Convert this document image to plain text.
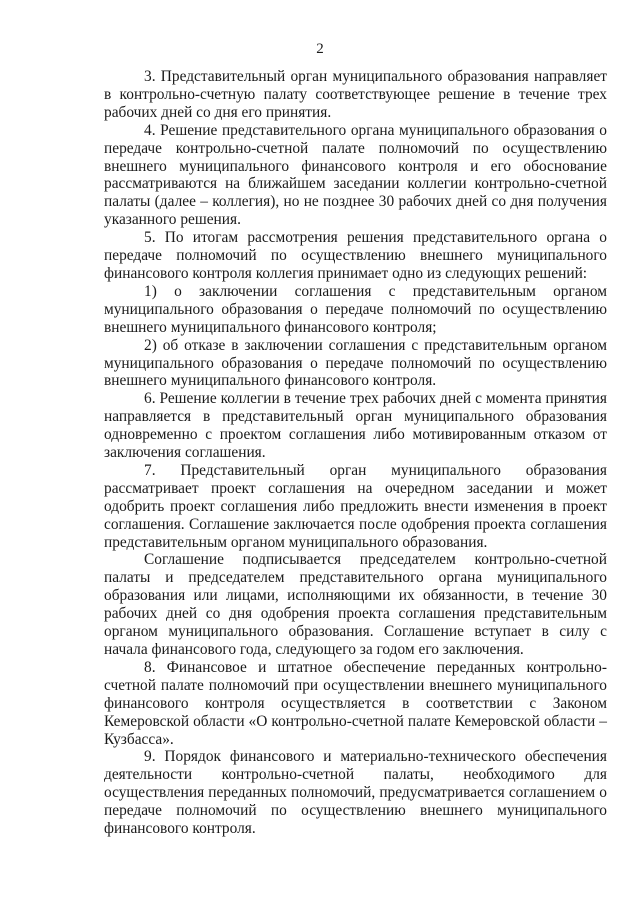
2

3. Представительный орган муниципального образования направляет в контрольно-счетную палату соответствующее решение в течение трех рабочих дней со дня его принятия.

4. Решение представительного органа муниципального образования о передаче контрольно-счетной палате полномочий по осуществлению внешнего муниципального финансового контроля и его обоснование рассматриваются на ближайшем заседании коллегии контрольно-счетной палаты (далее – коллегия), но не позднее 30 рабочих дней со дня получения указанного решения.

5. По итогам рассмотрения решения представительного органа о передаче полномочий по осуществлению внешнего муниципального финансового контроля коллегия принимает одно из следующих решений:

1) о заключении соглашения с представительным органом муниципального образования о передаче полномочий по осуществлению внешнего муниципального финансового контроля;

2) об отказе в заключении соглашения с представительным органом муниципального образования о передаче полномочий по осуществлению внешнего муниципального финансового контроля.

6. Решение коллегии в течение трех рабочих дней с момента принятия направляется в представительный орган муниципального образования одновременно с проектом соглашения либо мотивированным отказом от заключения соглашения.

7. Представительный орган муниципального образования рассматривает проект соглашения на очередном заседании и может одобрить проект соглашения либо предложить внести изменения в проект соглашения. Соглашение заключается после одобрения проекта соглашения представительным органом муниципального образования.

Соглашение подписывается председателем контрольно-счетной палаты и председателем представительного органа муниципального образования или лицами, исполняющими их обязанности, в течение 30 рабочих дней со дня одобрения проекта соглашения представительным органом муниципального образования. Соглашение вступает в силу с начала финансового года, следующего за годом его заключения.

8. Финансовое и штатное обеспечение переданных контрольно-счетной палате полномочий при осуществлении внешнего муниципального финансового контроля осуществляется в соответствии с Законом Кемеровской области «О контрольно-счетной палате Кемеровской области – Кузбасса».

9. Порядок финансового и материально-технического обеспечения деятельности контрольно-счетной палаты, необходимого для осуществления переданных полномочий, предусматривается соглашением о передаче полномочий по осуществлению внешнего муниципального финансового контроля.
